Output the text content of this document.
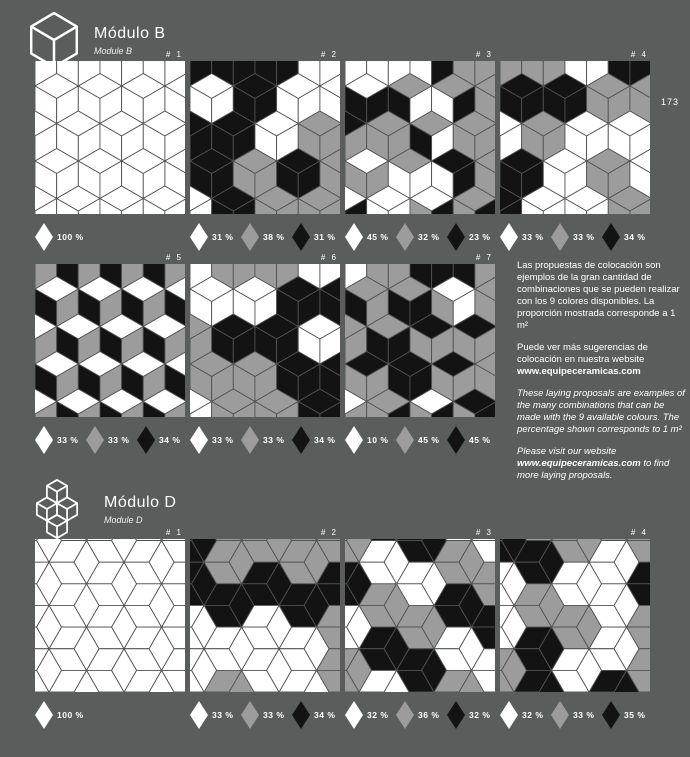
173
Módulo B
Module B	# 1
100 %
# 2
31 %	38 %	31 %
# 3
45 %	32 %	23 %
# 4
33 %	33 %	34 %
# 5
33 %	33 %	34 %
# 6
33 %	33 %	34 %
# 7
10 %	45 %	45 %

Las propuestas de colocación son ejemplos de la gran cantidad de combinaciones que se pueden realizar con los 9 colores disponibles. La proporción mostrada corresponde a 1 m²

Puede ver más sugerencias de colocación en nuestra website
www.equipeceramicas.com

These laying proposals are examples of the many combinations that can be made with the 9 available colours. The percentage shown corresponds to 1 m²

Please visit our website www.equipeceramicas.com to find more laying proposals.

Módulo D
Module D
# 1
100 %
# 2
33 %	33 %	34 %
# 3
32 %	36 %	32 %
# 4
32 %	33 %	35 %
